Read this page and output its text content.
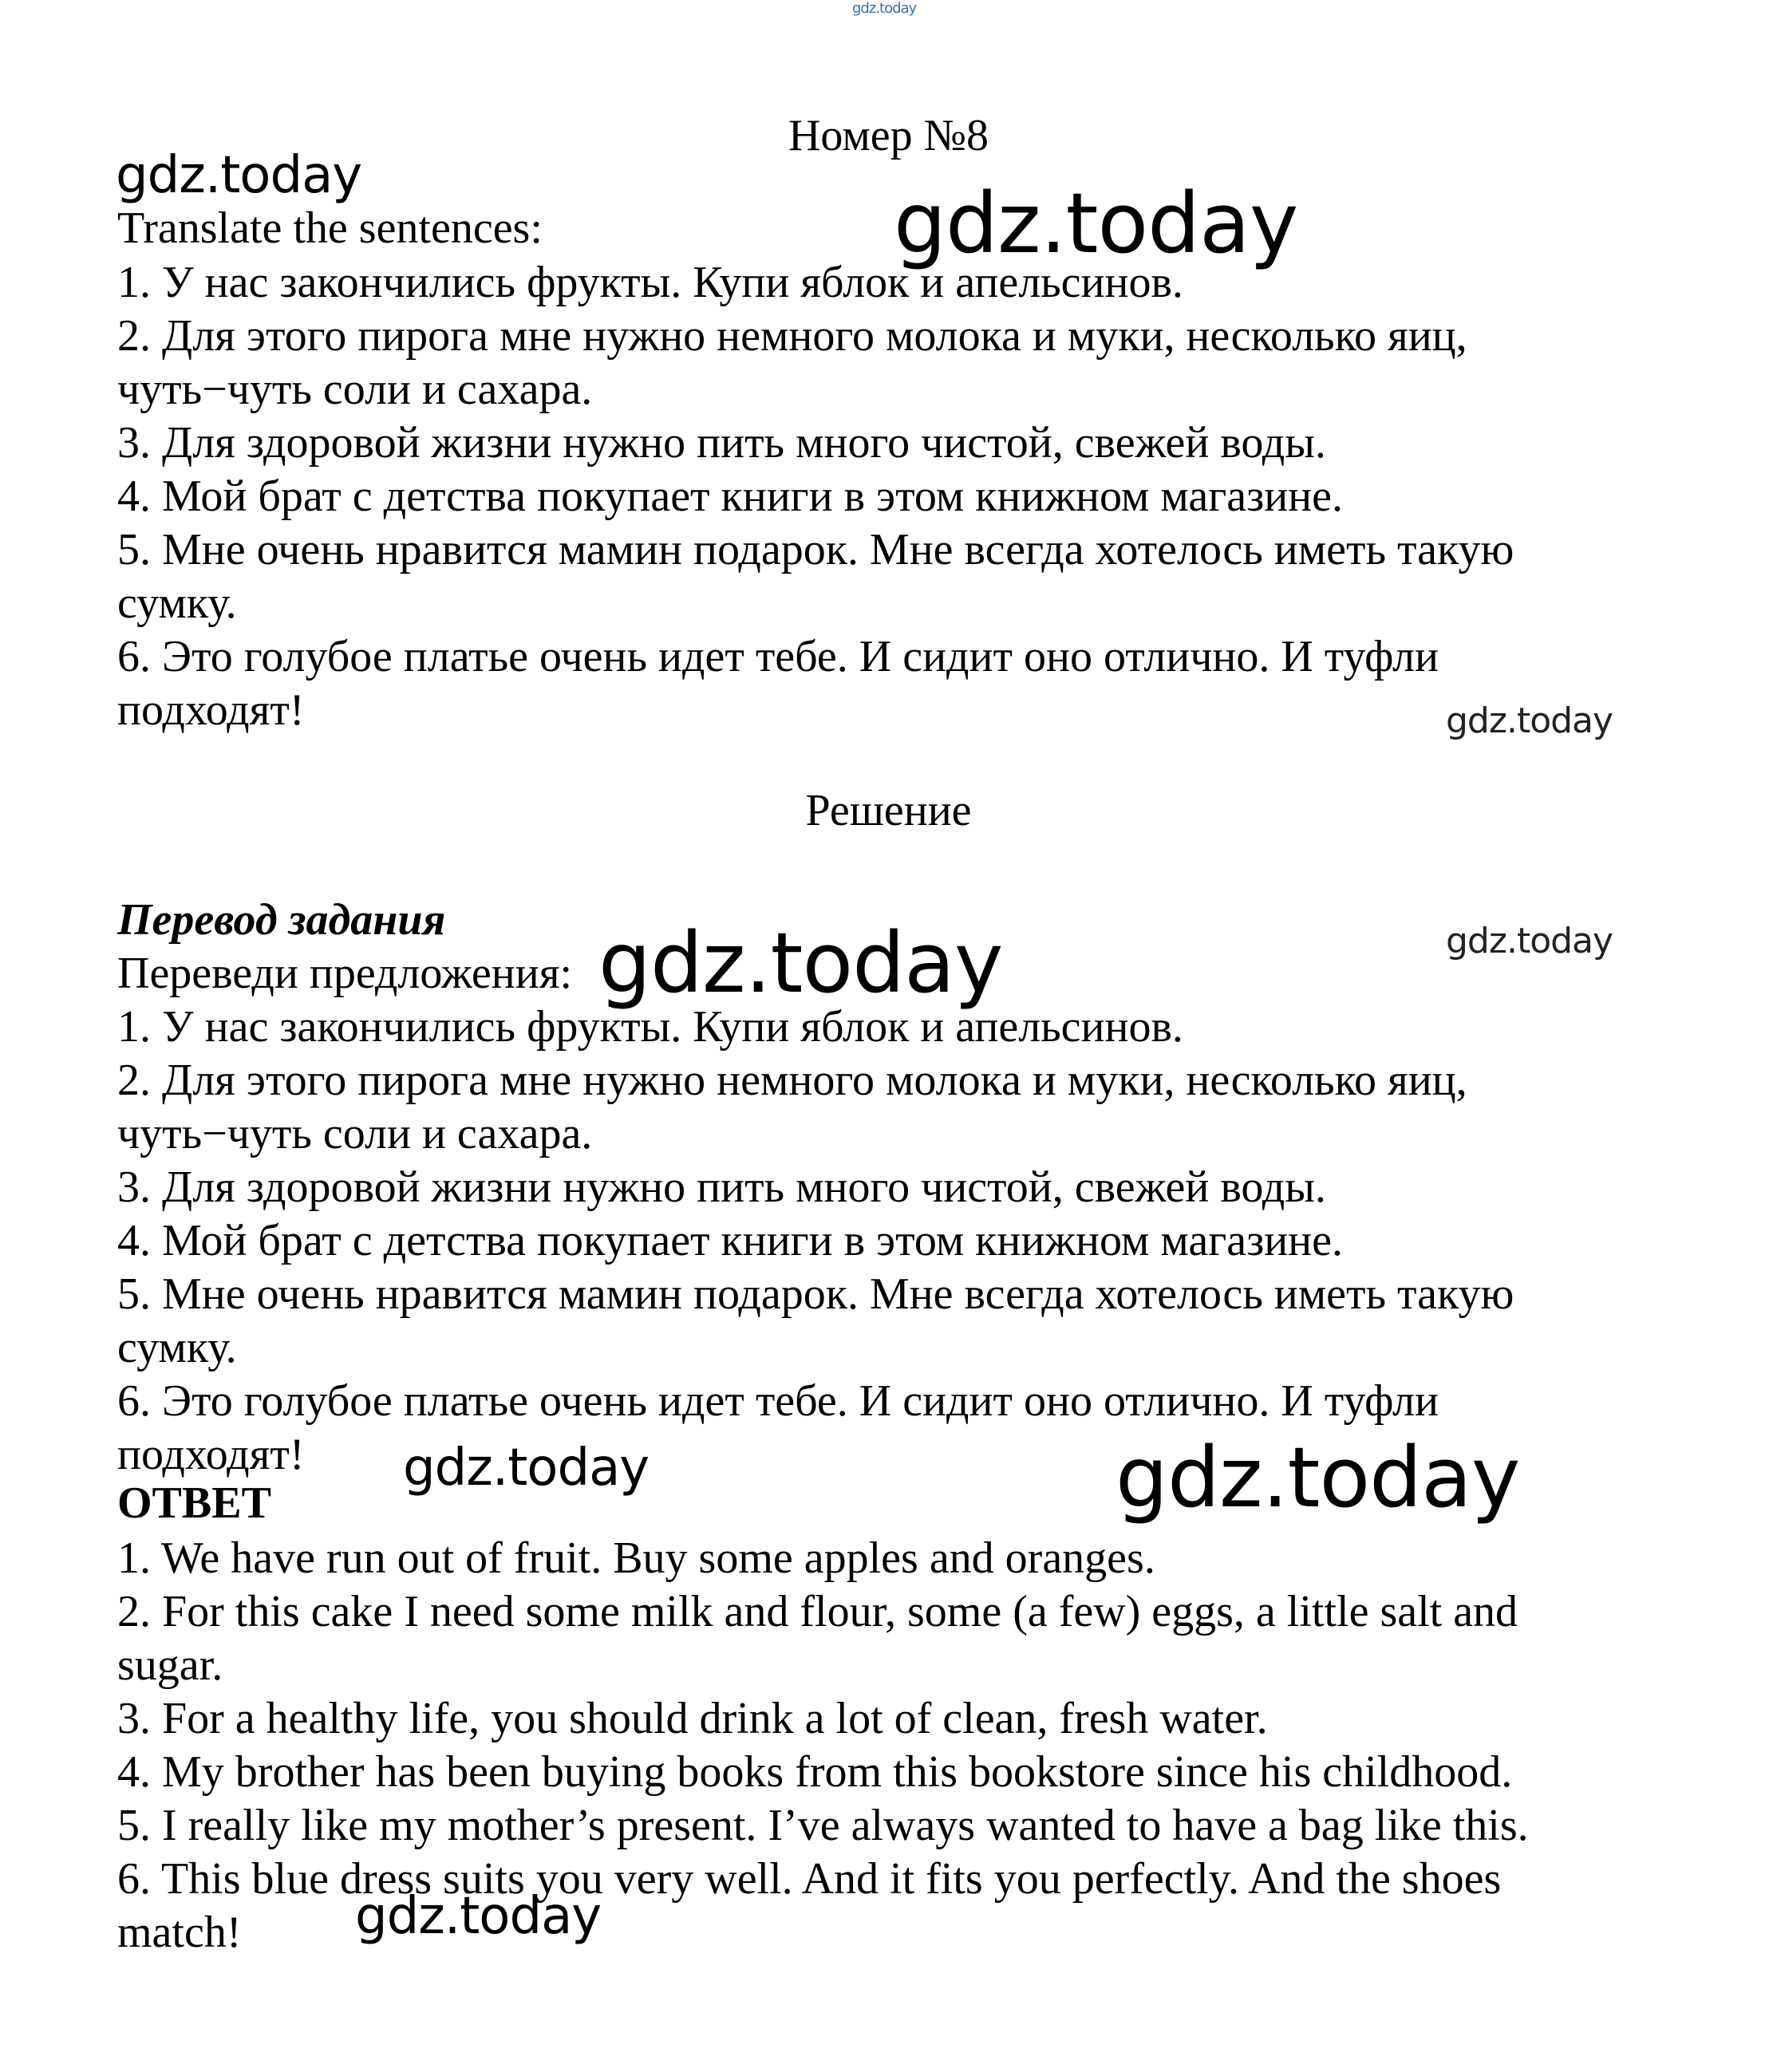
gdz.today
Номер №8
gdz.today
Translate the sentences:	gdz.today
1. У нас закончились фрукты. Купи яблок и апельсинов.
2. Для этого пирога мне нужно немного молока и муки, несколько яиц,
чуть−чуть соли и сахара.
3. Для здоровой жизни нужно пить много чистой, свежей воды.
4. Мой брат с детства покупает книги в этом книжном магазине.
5. Мне очень нравится мамин подарок. Мне всегда хотелось иметь такую
сумку.
6. Это голубое платье очень идет тебе. И сидит оно отлично. И туфли
подходят!	gdz.today
Решение
Перевод задания	gdz.today
Переведи предложения: gdz.today
1. У нас закончились фрукты. Купи яблок и апельсинов.
2. Для этого пирога мне нужно немного молока и муки, несколько яиц,
чуть−чуть соли и сахара.
3. Для здоровой жизни нужно пить много чистой, свежей воды.
4. Мой брат с детства покупает книги в этом книжном магазине.
5. Мне очень нравится мамин подарок. Мне всегда хотелось иметь такую
сумку.
6. Это голубое платье очень идет тебе. И сидит оно отлично. И туфли
подходят! gdz.today	gdz.today
ОТВЕТ
1. We have run out of fruit. Buy some apples and oranges.
2. For this cake I need some milk and flour, some (a few) eggs, a little salt and
sugar.
3. For a healthy life, you should drink a lot of clean, fresh water.
4. My brother has been buying books from this bookstore since his childhood.
5. I really like my mother’s present. I’ve always wanted to have a bag like this.
6. This blue dress suits you very well. And it fits you perfectly. And the shoes
match! gdz.today
